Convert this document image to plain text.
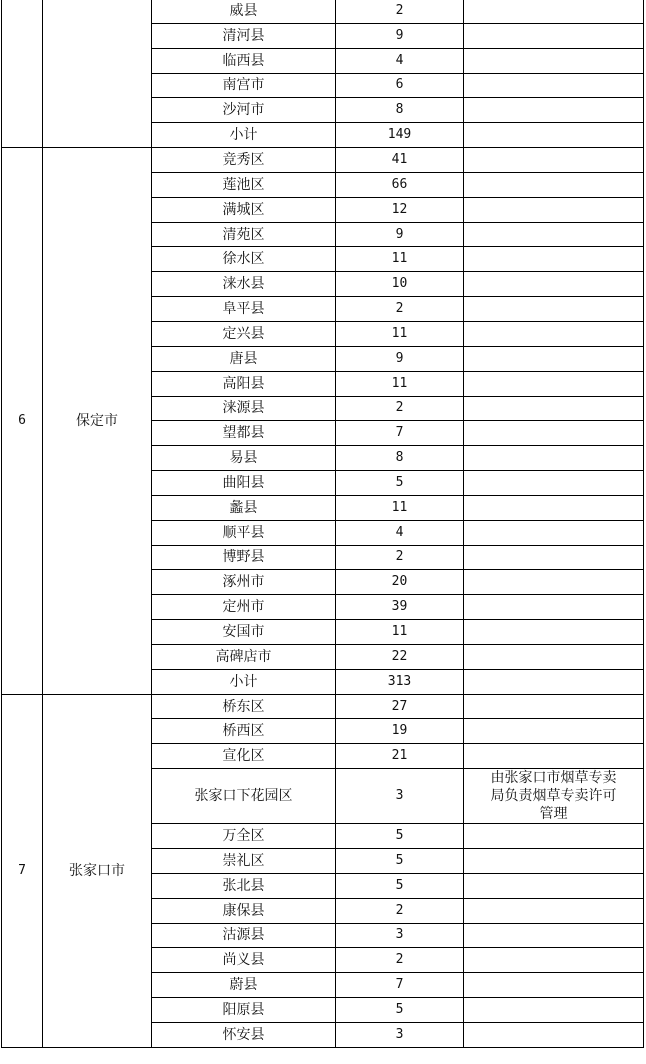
		威县	2	
		清河县	9	
		临西县	4	
		南宫市	6	
		沙河市	8	
		小计	149	
6	保定市	竞秀区	41	
		莲池区	66	
		满城区	12	
		清苑区	9	
		徐水区	11	
		涞水县	10	
		阜平县	2	
		定兴县	11	
		唐县	9	
		高阳县	11	
		涞源县	2	
		望都县	7	
		易县	8	
		曲阳县	5	
		蠡县	11	
		顺平县	4	
		博野县	2	
		涿州市	20	
		定州市	39	
		安国市	11	
		高碑店市	22	
		小计	313	
7	张家口市	桥东区	27	
		桥西区	19	
		宣化区	21	
		张家口下花园区	3	由张家口市烟草专卖
局负责烟草专卖许可
管理

		万全区	5	
		崇礼区	5	
		张北县	5	
		康保县	2	
		沽源县	3	
		尚义县	2	
		蔚县	7	
		阳原县	5	
		怀安县	3	
